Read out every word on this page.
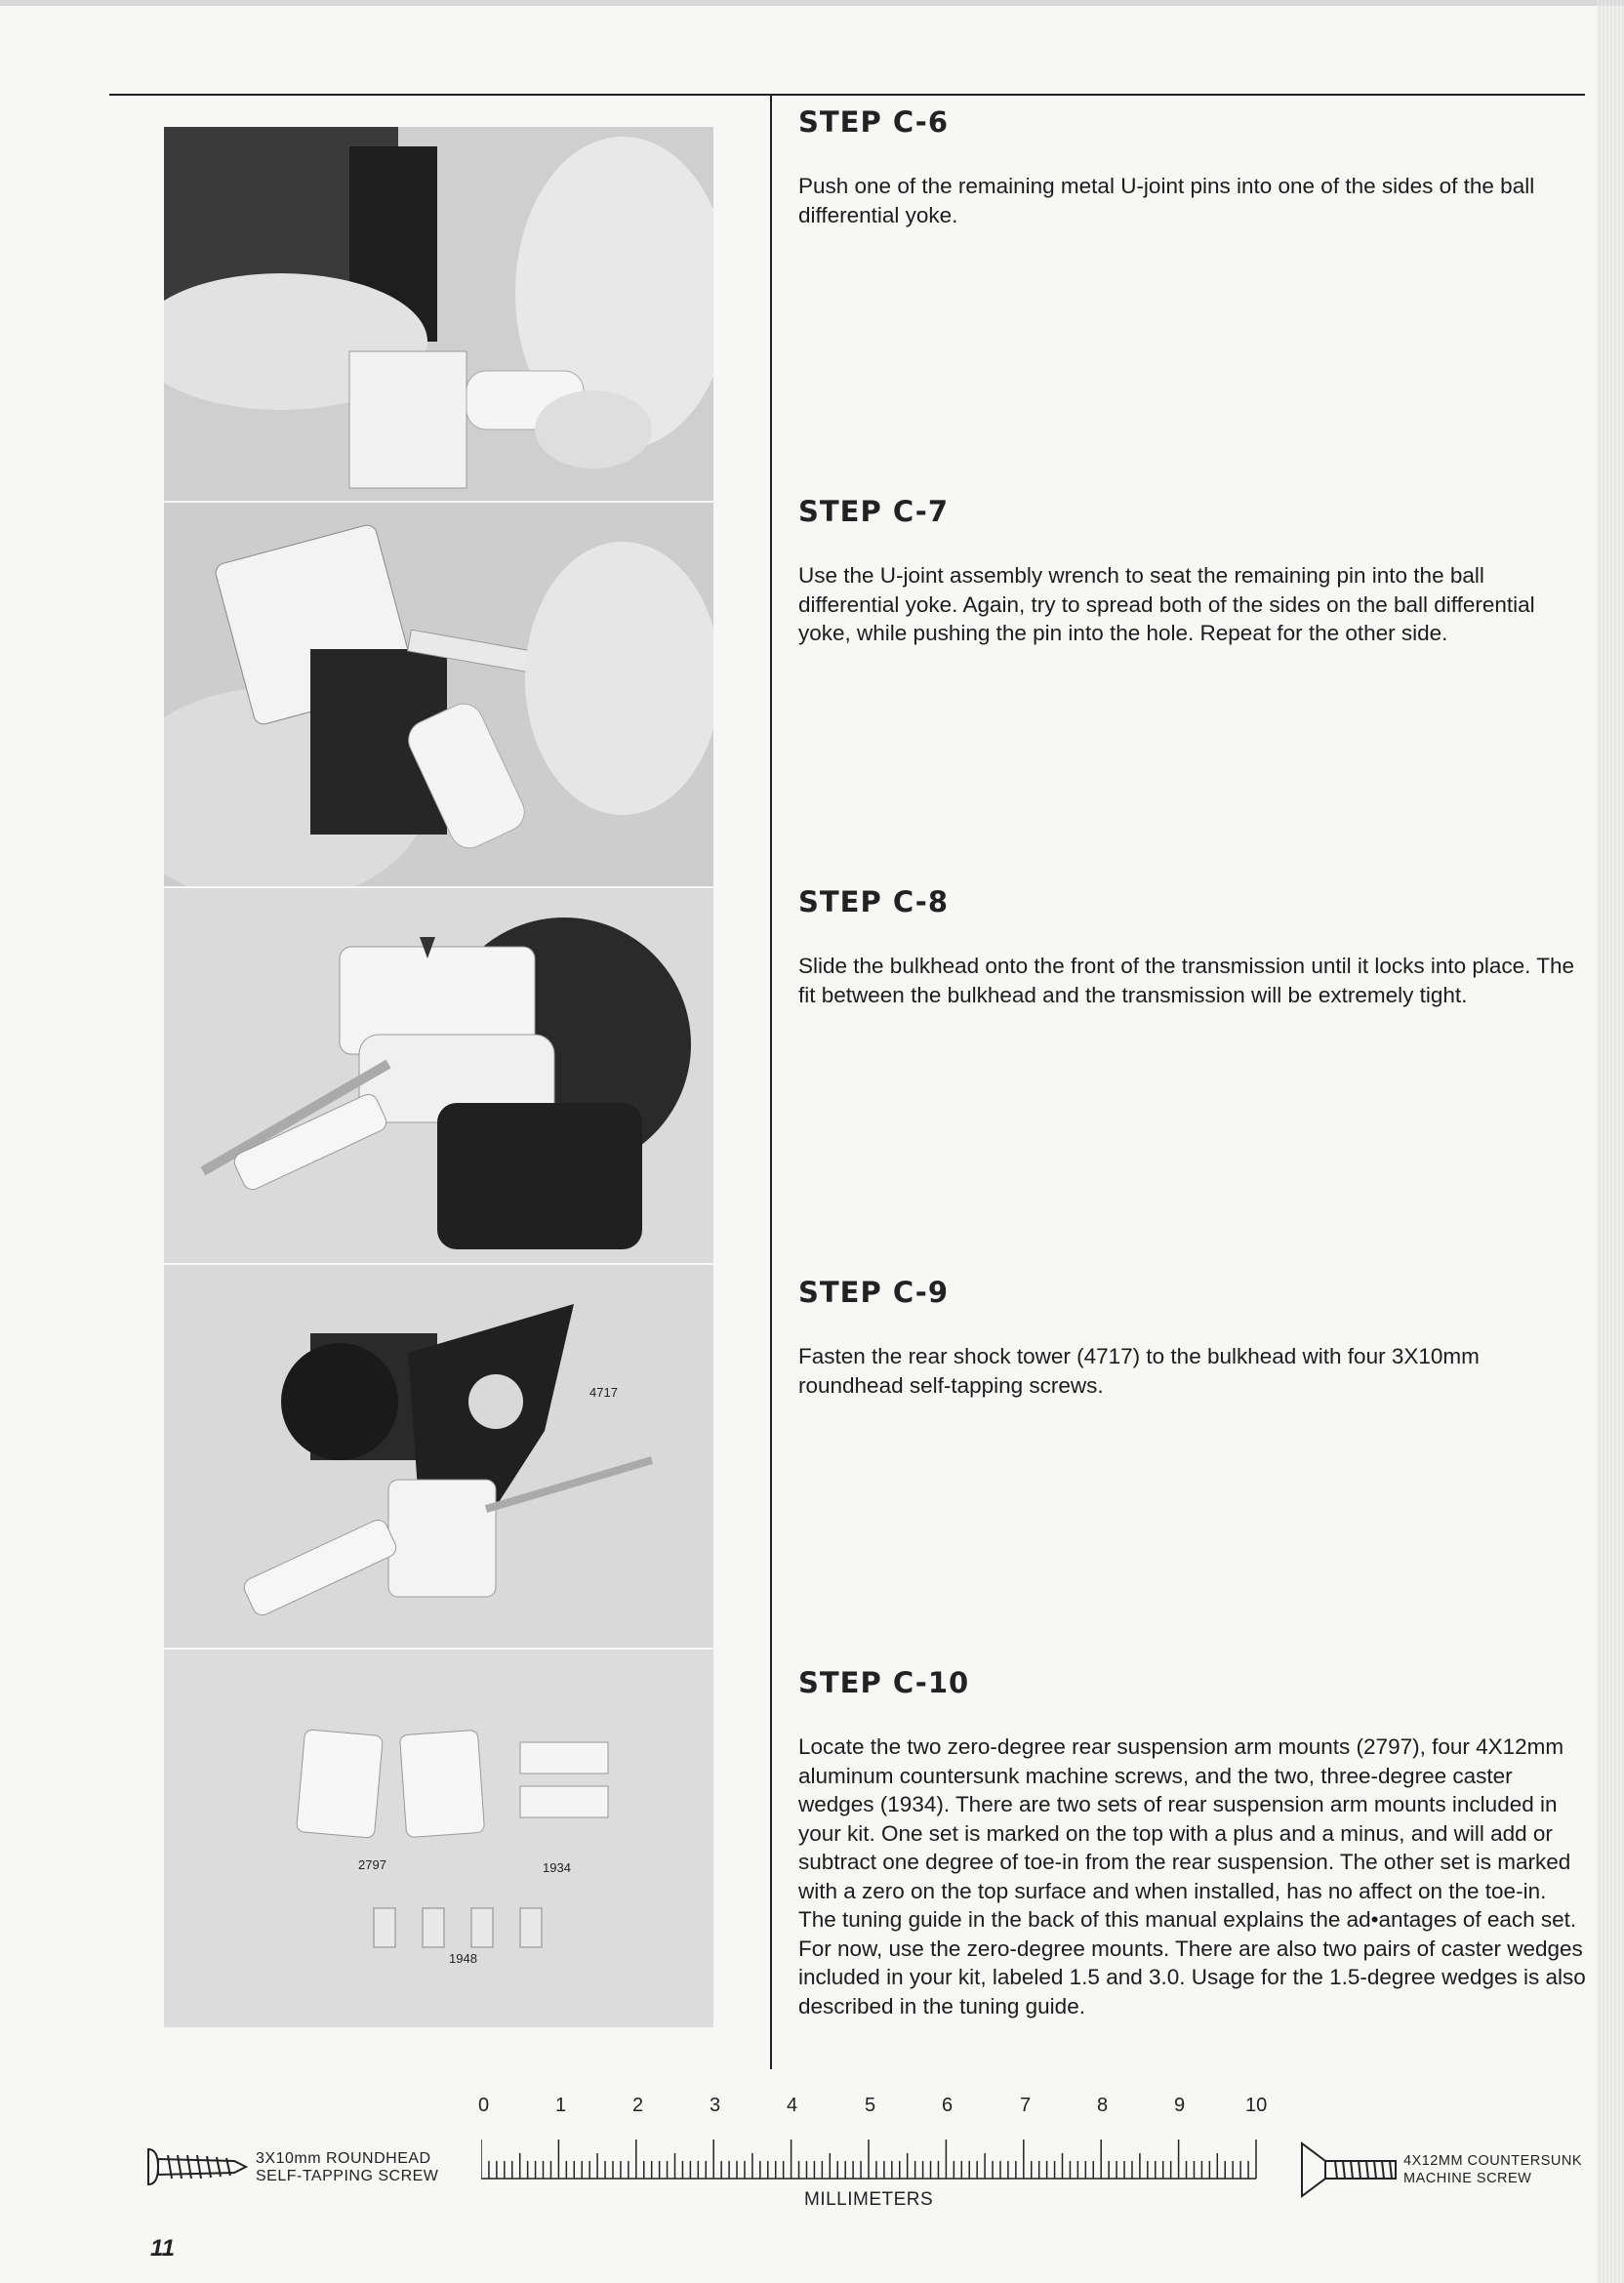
4717
2797	1934
1948
STEP C-6

Push one of the remaining metal U-joint pins into one of the sides of the ball differential yoke.

STEP C-7

Use the U-joint assembly wrench to seat the remaining pin into the ball differential yoke. Again, try to spread both of the sides on the ball differential yoke, while pushing the pin into the hole. Repeat for the other side.

STEP C-8

Slide the bulkhead onto the front of the transmission until it locks into place. The fit between the bulkhead and the transmission will be extremely tight.

STEP C-9

Fasten the rear shock tower (4717) to the bulkhead with four 3X10mm roundhead self-tapping screws.

STEP C-10

Locate the two zero-degree rear suspension arm mounts (2797), four 4X12mm aluminum countersunk machine screws, and the two, three-degree caster wedges (1934). There are two sets of rear suspension arm mounts included in your kit. One set is marked on the top with a plus and a minus, and will add or subtract one degree of toe-in from the rear suspension. The other set is marked with a zero on the top surface and when installed, has no affect on the toe-in. The tuning guide in the back of this manual explains the ad•antages of each set. For now, use the zero-degree mounts. There are also two pairs of caster wedges included in your kit, labeled 1.5 and 3.0. Usage for the 1.5-degree wedges is also described in the tuning guide.

3X10mm ROUNDHEAD
SELF-TAPPING SCREW
0	1	2	3	4	5	6	7	8	9	10
MILLIMETERS
4X12MM COUNTERSUNK
MACHINE SCREW
11
